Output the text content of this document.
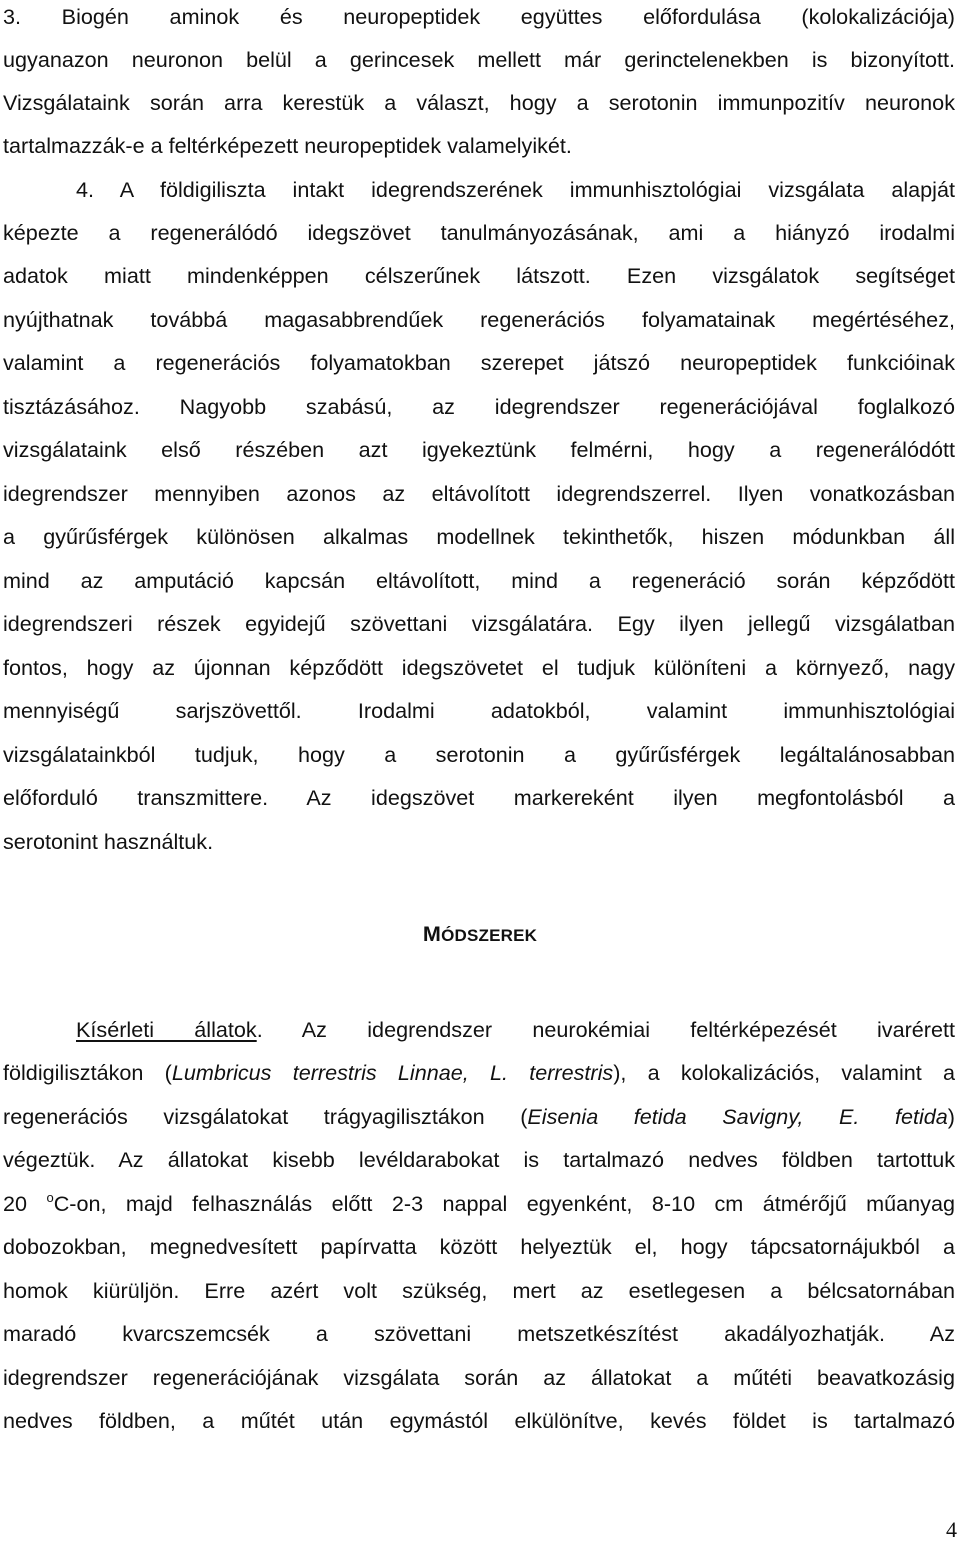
3. Biogén aminok és neuropeptidek együttes előfordulása (kolokalizációja)
ugyanazon neuronon belül a gerincesek mellett már gerinctelenekben is bizonyított.
Vizsgálataink során arra kerestük a választ, hogy a serotonin immunpozitív neuronok
tartalmazzák-e a feltérképezett neuropeptidek valamelyikét.
4. A földigiliszta intakt idegrendszerének immunhisztológiai vizsgálata alapját
képezte a regenerálódó idegszövet tanulmányozásának, ami a hiányzó irodalmi
adatok miatt mindenképpen célszerűnek látszott. Ezen vizsgálatok segítséget
nyújthatnak továbbá magasabbrendűek regenerációs folyamatainak megértéséhez,
valamint a regenerációs folyamatokban szerepet játszó neuropeptidek funkcióinak
tisztázásához. Nagyobb szabású, az idegrendszer regenerációjával foglalkozó
vizsgálataink első részében azt igyekeztünk felmérni, hogy a regenerálódótt
idegrendszer mennyiben azonos az eltávolított idegrendszerrel. Ilyen vonatkozásban
a gyűrűsférgek különösen alkalmas modellnek tekinthetők, hiszen módunkban áll
mind az amputáció kapcsán eltávolított, mind a regeneráció során képződött
idegrendszeri részek egyidejű szövettani vizsgálatára. Egy ilyen jellegű vizsgálatban
fontos, hogy az újonnan képződött idegszövetet el tudjuk különíteni a környező, nagy
mennyiségű sarjszövettől. Irodalmi adatokból, valamint immunhisztológiai
vizsgálatainkból tudjuk, hogy a serotonin a gyűrűsférgek legáltalánosabban
előforduló transzmittere. Az idegszövet markereként ilyen megfontolásból a
serotonint használtuk.
MÓDSZEREK
Kísérleti állatok. Az idegrendszer neurokémiai feltérképezését ivarérett
földigilisztákon (Lumbricus terrestris Linnae, L. terrestris), a kolokalizációs, valamint a
regenerációs vizsgálatokat trágyagilisztákon (Eisenia fetida Savigny, E. fetida)
végeztük. Az állatokat kisebb levéldarabokat is tartalmazó nedves földben tartottuk
20 $^o$C-on, majd felhasználás előtt 2-3 nappal egyenként, 8-10 cm átmérőjű műanyag
dobozokban, megnedvesített papírvatta között helyeztük el, hogy tápcsatornájukból a
homok kiürüljön. Erre azért volt szükség, mert az esetlegesen a bélcsatornában
maradó kvarcszemcsék a szövettani metszetkészítést akadályozhatják. Az
idegrendszer regenerációjának vizsgálata során az állatokat a műtéti beavatkozásig
nedves földben, a műtét után egymástól elkülönítve, kevés földet is tartalmazó
4
